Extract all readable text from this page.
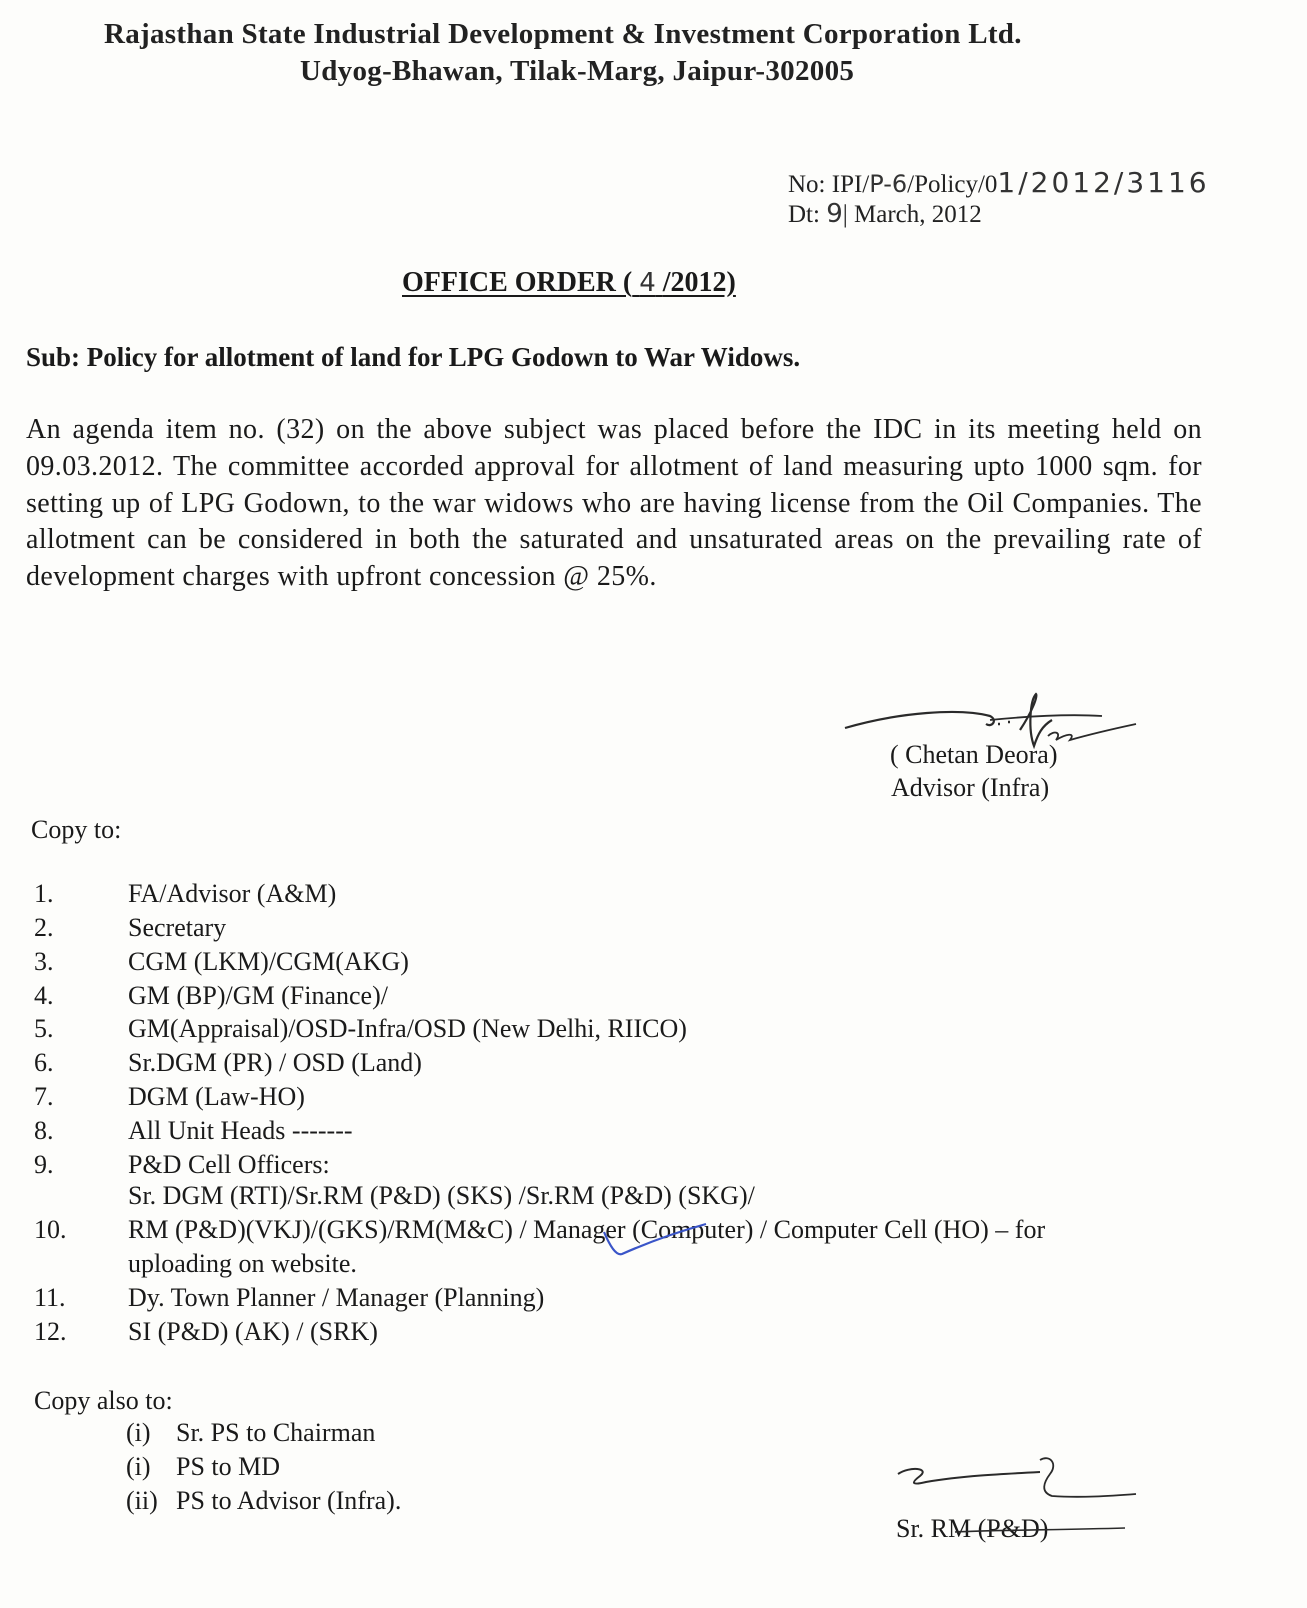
Rajasthan State Industrial Development & Investment Corporation Ltd.
Udyog-Bhawan, Tilak-Marg, Jaipur-302005
No: IPI/P-6/Policy/01/2012/3116
Dt: 9| March, 2012
OFFICE ORDER ( 4 /2012)
Sub: Policy for allotment of land for LPG Godown to War Widows.
An agenda item no. (32) on the above subject was placed before the IDC in its meeting held on 09.03.2012. The committee accorded approval for allotment of land measuring upto 1000 sqm. for setting up of LPG Godown, to the war widows who are having license from the Oil Companies. The allotment can be considered in both the saturated and unsaturated areas on the prevailing rate of development charges with upfront concession @ 25%.
( Chetan Deora)
Advisor (Infra)
Copy to:
1.	FA/Advisor (A&M)
2.	Secretary
3.	CGM (LKM)/CGM(AKG)
4.	GM (BP)/GM (Finance)/
5.	GM(Appraisal)/OSD-Infra/OSD (New Delhi, RIICO)
6.	Sr.DGM (PR) / OSD (Land)
7.	DGM (Law-HO)
8.	All Unit Heads -------
9.	P&D Cell Officers:
Sr. DGM (RTI)/Sr.RM (P&D) (SKS) /Sr.RM (P&D) (SKG)/
10. RM (P&D)(VKJ)/(GKS)/RM(M&C) / Manager (Computer) / Computer Cell (HO) – for
uploading on website.
11. Dy. Town Planner / Manager (Planning)
12. SI (P&D) (AK) / (SRK)
Copy also to:
(i) Sr. PS to Chairman
(i) PS to MD
(ii) PS to Advisor (Infra).
Sr. RM (P&D)
